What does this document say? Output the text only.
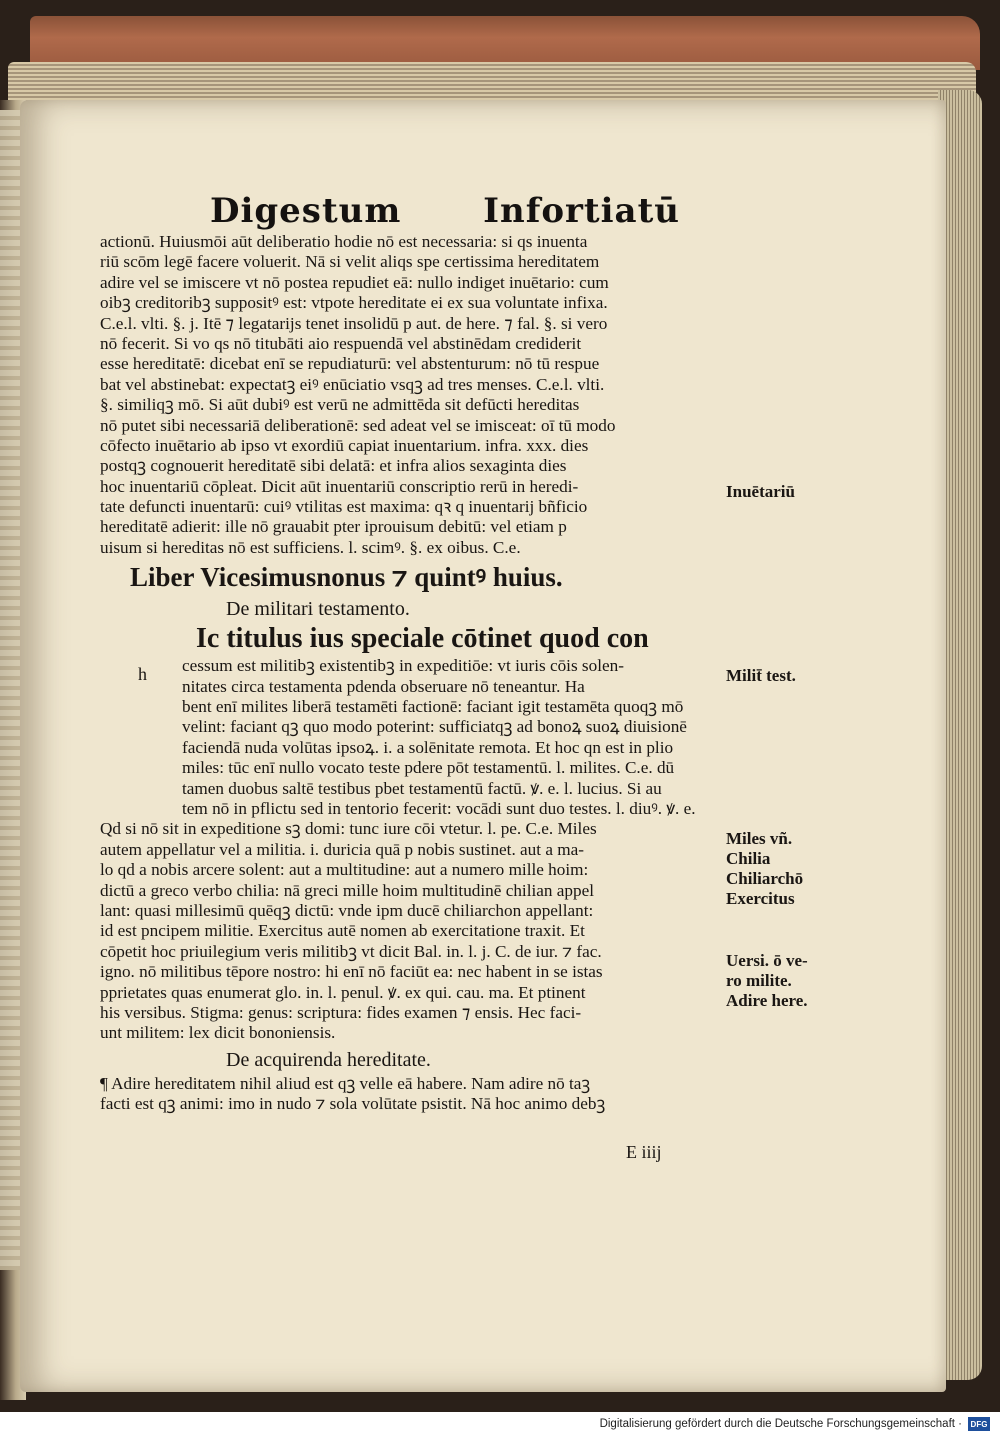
Digestum Infortiatū
actionū. Huiusmōi aūt deliberatio hodie nō est necessaria: si qs inuenta
riū scōm legē facere voluerit. Nā si velit aliqs spe certissima hereditatem
adire vel se imiscere vt nō postea repudiet eā: nullo indiget inuētario: cum
oibꝫ creditoribꝫ suppositꝰ est: vtpote hereditate ei ex sua voluntate infixa.
C.e.l. vlti. §. j. Itē ⁊ legatarijs tenet insolidū p aut. de here. ⁊ fal. §. si vero
nō fecerit. Si vo qs nō titubāti aio respuendā vel abstinēdam crediderit
esse hereditatē: dicebat enī se repudiaturū: vel abstenturum: nō tū respue
bat vel abstinebat: expectatꝫ eiꝰ enūciatio vsqꝫ ad tres menses. C.e.l. vlti.
§. similiqꝫ mō. Si aūt dubiꝰ est verū ne admittēda sit defūcti hereditas
nō putet sibi necessariā deliberationē: sed adeat vel se imisceat: oī tū modo
cōfecto inuētario ab ipso vt exordiū capiat inuentarium. infra. xxx. dies
postqꝫ cognouerit hereditatē sibi delatā: et infra alios sexaginta dies
hoc inuentariū cōpleat. Dicit aūt inuentariū conscriptio rerū in heredi-
tate defuncti inuentarū: cuiꝰ vtilitas est maxima: qꝛ q inuentarij bñficio
hereditatē adierit: ille nō grauabit pter iprouisum debitū: vel etiam p
uisum si hereditas nō est sufficiens. l. scimꝰ. §. ex oibus. C.e.
Liber Vicesimusnonus ⁊ quintꝰ huius.
De militari testamento.
Ic titulus ius speciale cōtinet quod con
cessum est militibꝫ existentibꝫ in expeditiōe: vt iuris cōis solen-
nitates circa testamenta pdenda obseruare nō teneantur. Ha
bent enī milites liberā testamēti factionē: faciant igit testamēta quoqꝫ mō
velint: faciant qꝫ quo modo poterint: sufficiatqꝫ ad bonoꝝ suoꝝ diuisionē
faciendā nuda volūtas ipsoꝝ. i. a solēnitate remota. Et hoc qn est in plio
miles: tūc enī nullo vocato teste pdere pōt testamentū. l. milites. C.e. dū
tamen duobus saltē testibus pbet testamentū factū. ꝟ. e. l. lucius. Si au
tem nō in pflictu sed in tentorio fecerit: vocādi sunt duo testes. l. diuꝰ. ꝟ. e.
Qd si nō sit in expeditione sꝫ domi: tunc iure cōi vtetur. l. pe. C.e. Miles
autem appellatur vel a militia. i. duricia quā p nobis sustinet. aut a ma-
lo qd a nobis arcere solent: aut a multitudine: aut a numero mille hoim:
dictū a greco verbo chilia: nā greci mille hoim multitudinē chilian appel
lant: quasi millesimū quēqꝫ dictū: vnde ipm ducē chiliarchon appellant:
id est pncipem militie. Exercitus autē nomen ab exercitatione traxit. Et
cōpetit hoc priuilegium veris militibꝫ vt dicit Bal. in. l. j. C. de iur. ⁊ fac.
igno. nō militibus tēpore nostro: hi enī nō faciūt ea: nec habent in se istas
pprietates quas enumerat glo. in. l. penul. ꝟ. ex qui. cau. ma. Et ptinent
his versibus. Stigma: genus: scriptura: fides examen ⁊ ensis. Hec faci-
unt militem: lex dicit bononiensis.
De acquirenda hereditate.
¶ Adire hereditatem nihil aliud est qꝫ velle eā habere. Nam adire nō taꝫ
facti est qꝫ animi: imo in nudo ⁊ sola volūtate psistit. Nā hoc animo debꝫ
h
Inuētariū
Milit̄ test.
Miles vñ.
Chilia
Chiliarchō
Exercitus
Uersi. ō ve-
ro milite.
Adire here.
E iiij
Digitalisierung gefördert durch die Deutsche Forschungsgemeinschaft ·	DFG
